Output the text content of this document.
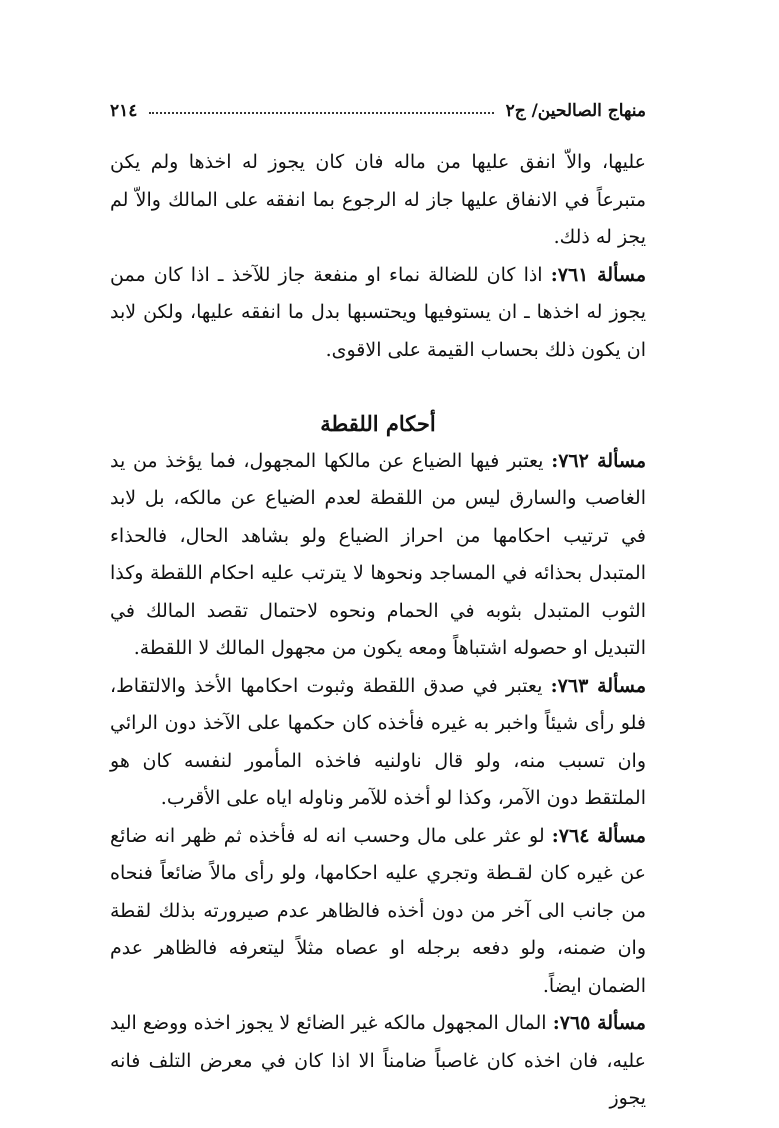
منهاج الصالحين/ ج٢
٢١٤

عليها، والاّ انفق عليها من ماله فان كان يجوز له اخذها ولم يكن متبرعاً في الانفاق عليها جاز له الرجوع بما انفقه على المالك والاّ لم يجز له ذلك.

مسألة ٧٦١: اذا كان للضالة نماء او منفعة جاز للآخذ ـ اذا كان ممن يجوز له اخذها ـ ان يستوفيها ويحتسبها بدل ما انفقه عليها، ولكن لابد ان يكون ذلك بحساب القيمة على الاقوى.

أحكام اللقطة

مسألة ٧٦٢: يعتبر فيها الضياع عن مالكها المجهول، فما يؤخذ من يد الغاصب والسارق ليس من اللقطة لعدم الضياع عن مالكه، بل لابد في ترتيب احكامها من احراز الضياع ولو بشاهد الحال، فالحذاء المتبدل بحذائه في المساجد ونحوها لا يترتب عليه احكام اللقطة وكذا الثوب المتبدل بثوبه في الحمام ونحوه لاحتمال تقصد المالك في التبديل او حصوله اشتباهاً ومعه يكون من مجهول المالك لا اللقطة.

مسألة ٧٦٣: يعتبر في صدق اللقطة وثبوت احكامها الأخذ والالتقاط، فلو رأى شيئاً واخبر به غيره فأخذه كان حكمها على الآخذ دون الرائي وان تسبب منه، ولو قال ناولنيه فاخذه المأمور لنفسه كان هو الملتقط دون الآمر، وكذا لو أخذه للآمر وناوله اياه على الأقرب.

مسألة ٧٦٤: لو عثر على مال وحسب انه له فأخذه ثم ظهر انه ضائع عن غيره كان لقـطة وتجري عليه احكامها، ولو رأى مالاً ضائعاً فنحاه من جانب الى آخر من دون أخذه فالظاهر عدم صيرورته بذلك لقطة وان ضمنه، ولو دفعه برجله او عصاه مثلاً ليتعرفه فالظاهر عدم الضمان ايضاً.

مسألة ٧٦٥: المال المجهول مالكه غير الضائع لا يجوز اخذه ووضع اليد عليه، فان اخذه كان غاصباً ضامناً الا اذا كان في معرض التلف فانه يجوز
